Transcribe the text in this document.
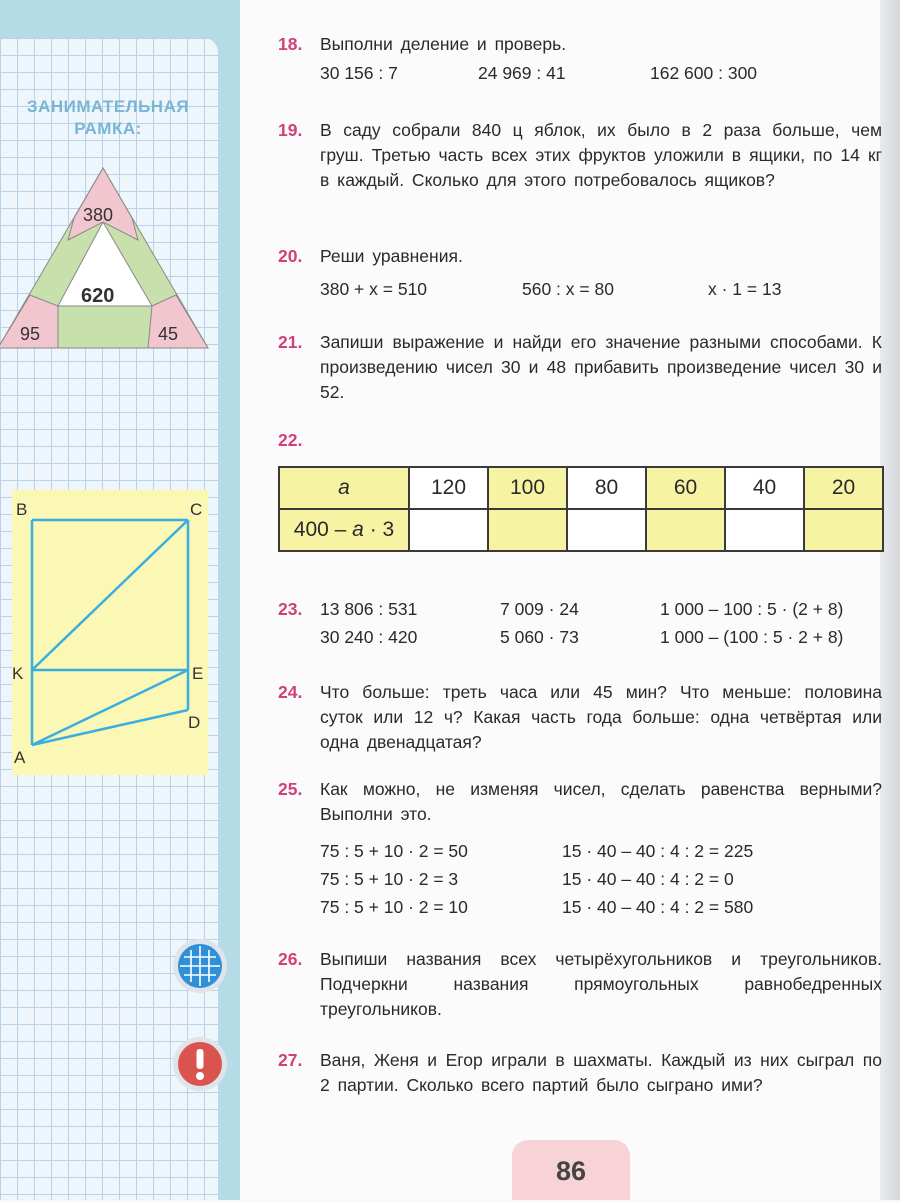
ЗАНИМАТЕЛЬНАЯ
РАМКА:
380
620
95	45
B	C
K	E
D
A
18.	Выполни деление и проверь.
30 156 : 7	24 969 : 41	162 600 : 300
19.	В саду собрали 840 ц яблок, их было в 2 раза больше, чем груш. Третью часть всех этих фруктов уложили в ящики, по 14 кг в каждый. Сколько для этого потребовалось ящиков?
20.	Реши уравнения.
380 + x = 510	560 : x = 80	x · 1 = 13
21.	Запиши выражение и найди его значение разными способами. К произведению чисел 30 и 48 прибавить произведение чисел 30 и 52.
22.
a	120	100	80	60	40	20
400 – a · 3						
23.	13 806 : 531	7 009 · 24	1 000 – 100 : 5 · (2 + 8)
30 240 : 420	5 060 · 73	1 000 – (100 : 5 · 2 + 8)
24.	Что больше: треть часа или 45 мин? Что меньше: половина суток или 12 ч? Какая часть года больше: одна четвёртая или одна двенадцатая?
25.	Как можно, не изменяя чисел, сделать равенства верными? Выполни это.
75 : 5 + 10 · 2 = 50	15 · 40 – 40 : 4 : 2 = 225
75 : 5 + 10 · 2 = 3	15 · 40 – 40 : 4 : 2 = 0
75 : 5 + 10 · 2 = 10	15 · 40 – 40 : 4 : 2 = 580
26.	Выпиши названия всех четырёхугольников и треугольников. Подчеркни названия прямоугольных равнобедренных треугольников.
27.	Ваня, Женя и Егор играли в шахматы. Каждый из них сыграл по 2 партии. Сколько всего партий было сыграно ими?
86
